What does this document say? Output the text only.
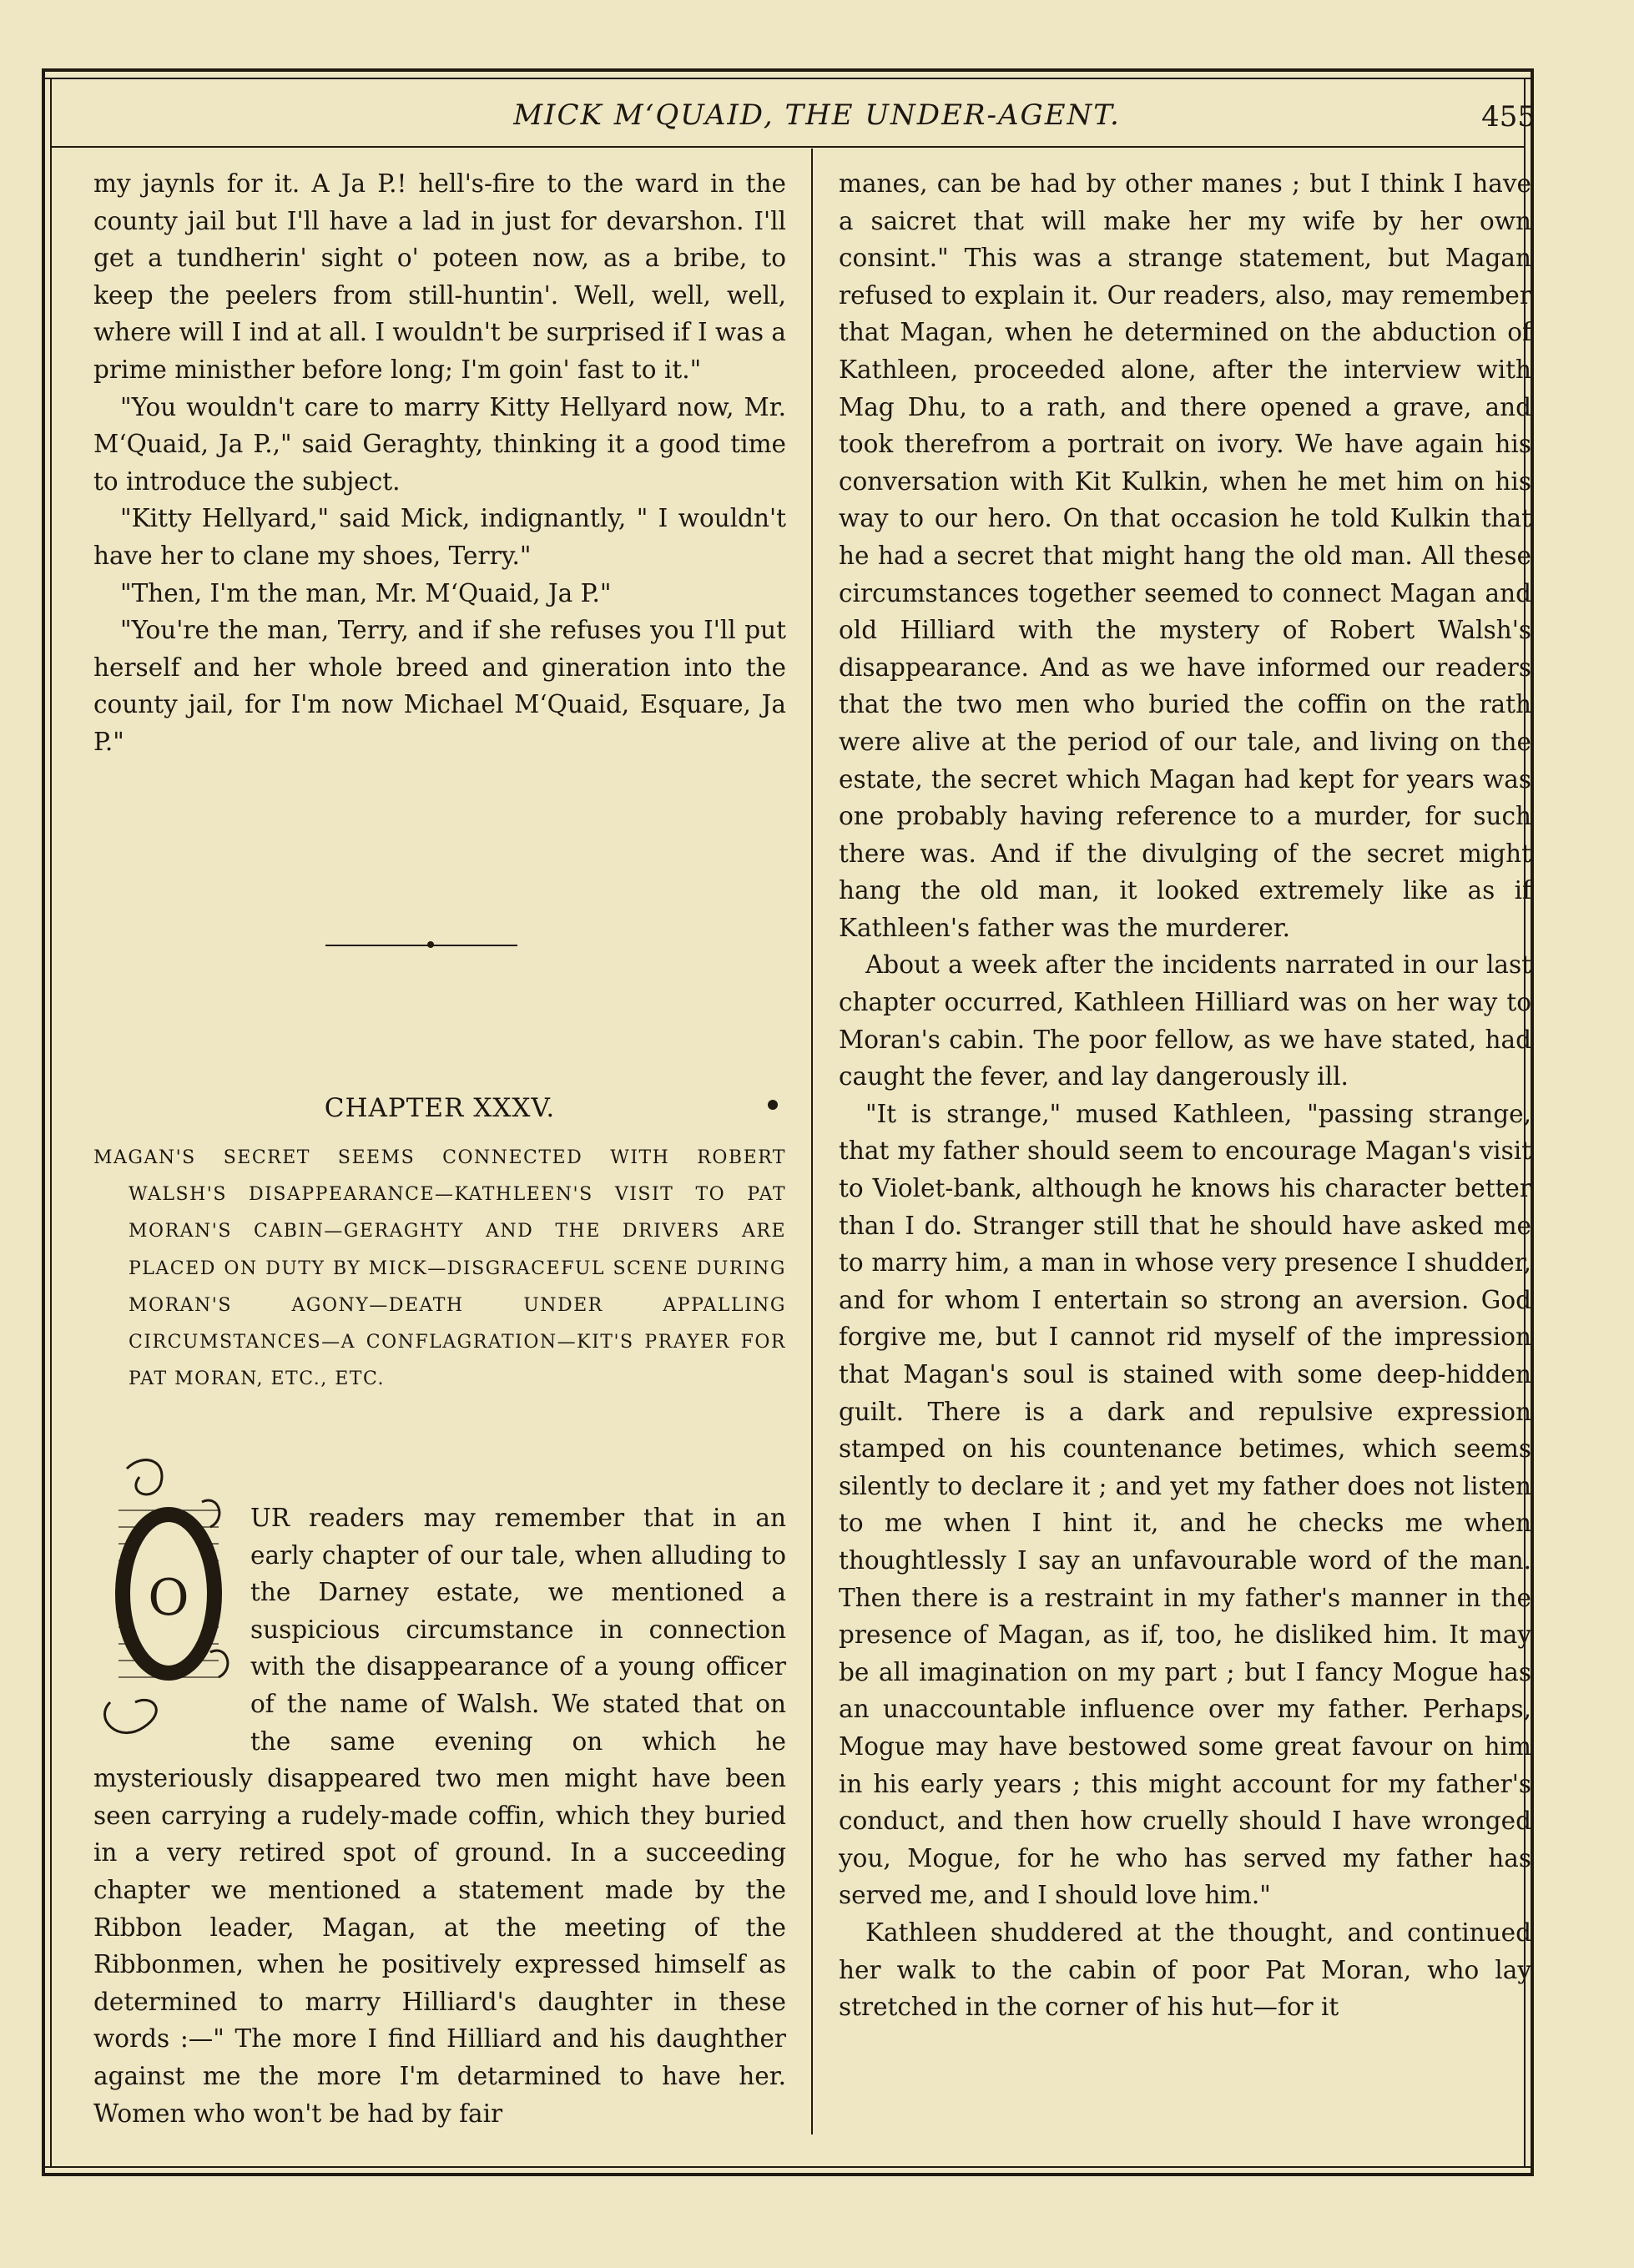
MICK M‘QUAID, THE UNDER-AGENT.	455

my jaynls for it. A Ja P.! hell's-fire to the ward in the county jail but I'll have a lad in just for devarshon. I'll get a tundherin' sight o' poteen now, as a bribe, to keep the peelers from still-huntin'. Well, well, well, where will I ind at all. I wouldn't be surprised if I was a prime ministher before long; I'm goin' fast to it."

"You wouldn't care to marry Kitty Hellyard now, Mr. M‘Quaid, Ja P.," said Geraghty, thinking it a good time to introduce the subject.

"Kitty Hellyard," said Mick, indignantly, " I wouldn't have her to clane my shoes, Terry."

"Then, I'm the man, Mr. M‘Quaid, Ja P."

"You're the man, Terry, and if she refuses you I'll put herself and her whole breed and gineration into the county jail, for I'm now Michael M‘Quaid, Esquare, Ja P."

CHAPTER XXXV.
MAGAN'S SECRET SEEMS CONNECTED WITH ROBERT WALSH'S DISAPPEARANCE—KATHLEEN'S VISIT TO PAT MORAN'S CABIN—GERAGHTY AND THE DRIVERS ARE PLACED ON DUTY BY MICK—DISGRACEFUL SCENE DURING MORAN'S AGONY—DEATH UNDER APPALLING CIRCUMSTANCES—A CONFLAGRATION—KIT'S PRAYER FOR PAT MORAN, ETC., ETC.
O
UR readers may remember that in an early chapter of our tale, when alluding to the Darney estate, we mentioned a suspicious circumstance in connection with the disappearance of a young officer of the name of Walsh. We stated that on the same evening on which he mysteriously disappeared two men might have been seen carrying a rudely-made coffin, which they buried in a very retired spot of ground. In a succeeding chapter we mentioned a statement made by the Ribbon leader, Magan, at the meeting of the Ribbonmen, when he positively expressed himself as determined to marry Hilliard's daughter in these words :—" The more I find Hilliard and his daughther against me the more I'm detarmined to have her. Women who won't be had by fair

manes, can be had by other manes ; but I think I have a saicret that will make her my wife by her own consint." This was a strange statement, but Magan refused to explain it. Our readers, also, may remember that Magan, when he determined on the abduction of Kathleen, proceeded alone, after the interview with Mag Dhu, to a rath, and there opened a grave, and took therefrom a portrait on ivory. We have again his conversation with Kit Kulkin, when he met him on his way to our hero. On that occasion he told Kulkin that he had a secret that might hang the old man. All these circumstances together seemed to connect Magan and old Hilliard with the mystery of Robert Walsh's disappearance. And as we have informed our readers that the two men who buried the coffin on the rath were alive at the period of our tale, and living on the estate, the secret which Magan had kept for years was one probably having reference to a murder, for such there was. And if the divulging of the secret might hang the old man, it looked extremely like as if Kathleen's father was the murderer.

About a week after the incidents narrated in our last chapter occurred, Kathleen Hilliard was on her way to Moran's cabin. The poor fellow, as we have stated, had caught the fever, and lay dangerously ill.

"It is strange," mused Kathleen, "passing strange, that my father should seem to encourage Magan's visit to Violet-bank, although he knows his character better than I do. Stranger still that he should have asked me to marry him, a man in whose very presence I shudder, and for whom I entertain so strong an aversion. God forgive me, but I cannot rid myself of the impression that Magan's soul is stained with some deep-hidden guilt. There is a dark and repulsive expression stamped on his countenance betimes, which seems silently to declare it ; and yet my father does not listen to me when I hint it, and he checks me when thoughtlessly I say an unfavourable word of the man. Then there is a restraint in my father's manner in the presence of Magan, as if, too, he disliked him. It may be all imagination on my part ; but I fancy Mogue has an unaccountable influence over my father. Perhaps, Mogue may have bestowed some great favour on him in his early years ; this might account for my father's conduct, and then how cruelly should I have wronged you, Mogue, for he who has served my father has served me, and I should love him."

Kathleen shuddered at the thought, and continued her walk to the cabin of poor Pat Moran, who lay stretched in the corner of his hut—for it
